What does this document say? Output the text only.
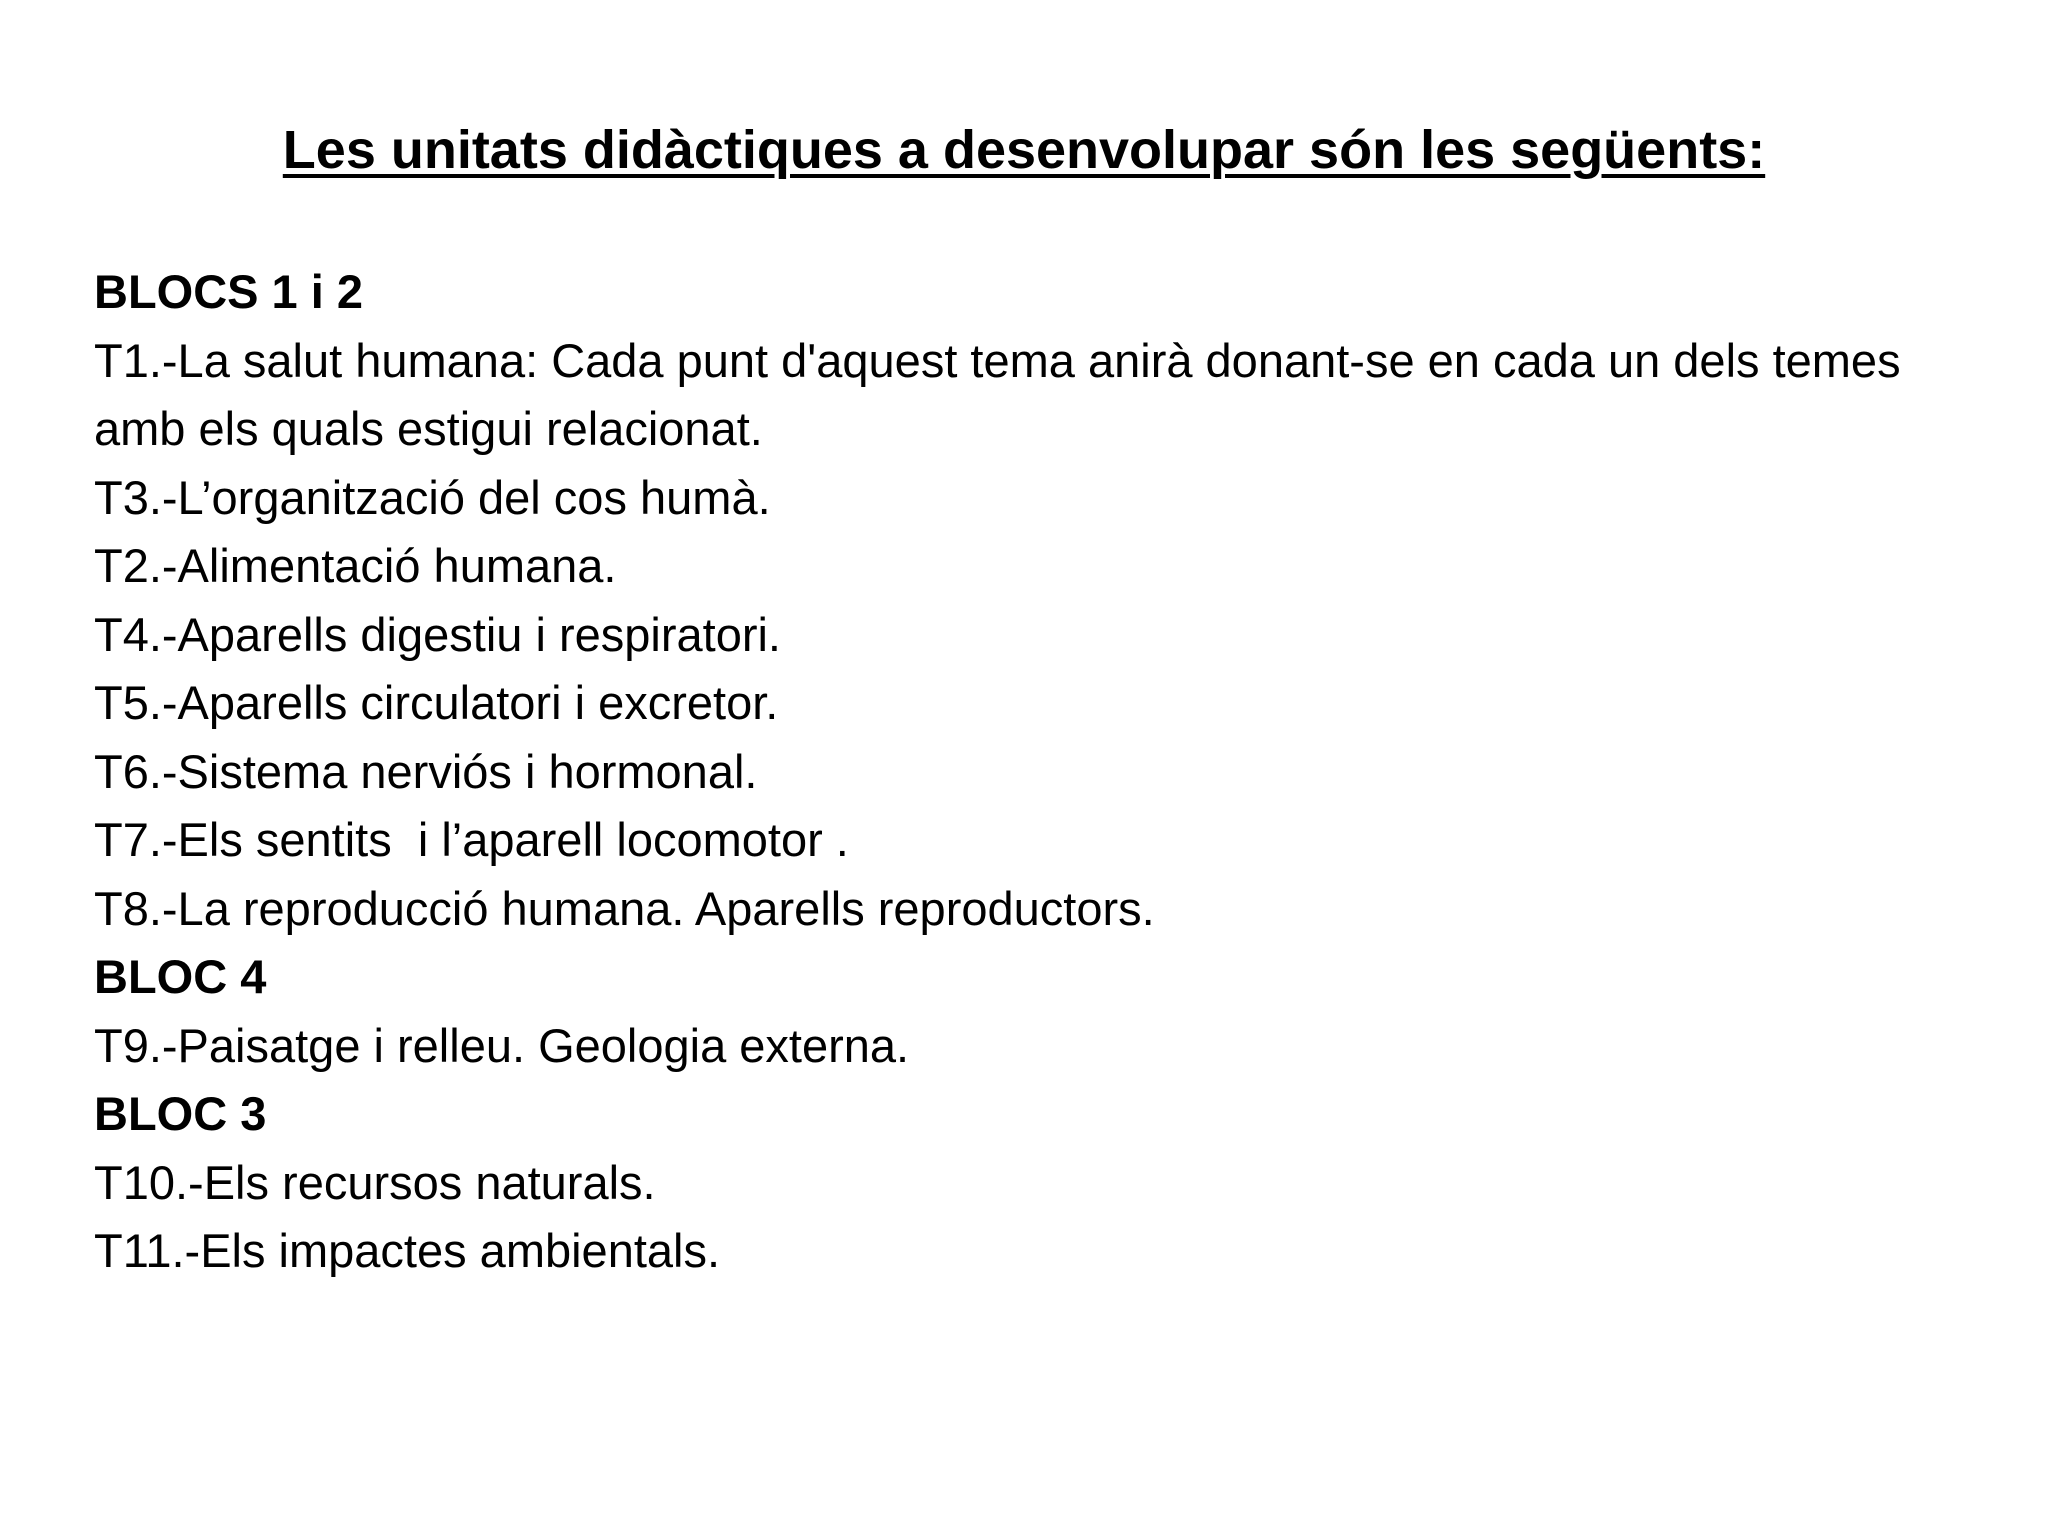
Les unitats didàctiques a desenvolupar són les següents:
BLOCS 1 i 2
T1.-La salut humana: Cada punt d'aquest tema anirà donant-se en cada un dels temes amb els quals estigui relacionat.
T3.-L’organització del cos humà.
T2.-Alimentació humana.
T4.-Aparells digestiu i respiratori.
T5.-Aparells circulatori i excretor.
T6.-Sistema nerviós i hormonal.
T7.-Els sentits  i l’aparell locomotor .
T8.-La reproducció humana. Aparells reproductors.
BLOC 4
T9.-Paisatge i relleu. Geologia externa.
BLOC 3
T10.-Els recursos naturals.
T11.-Els impactes ambientals.
